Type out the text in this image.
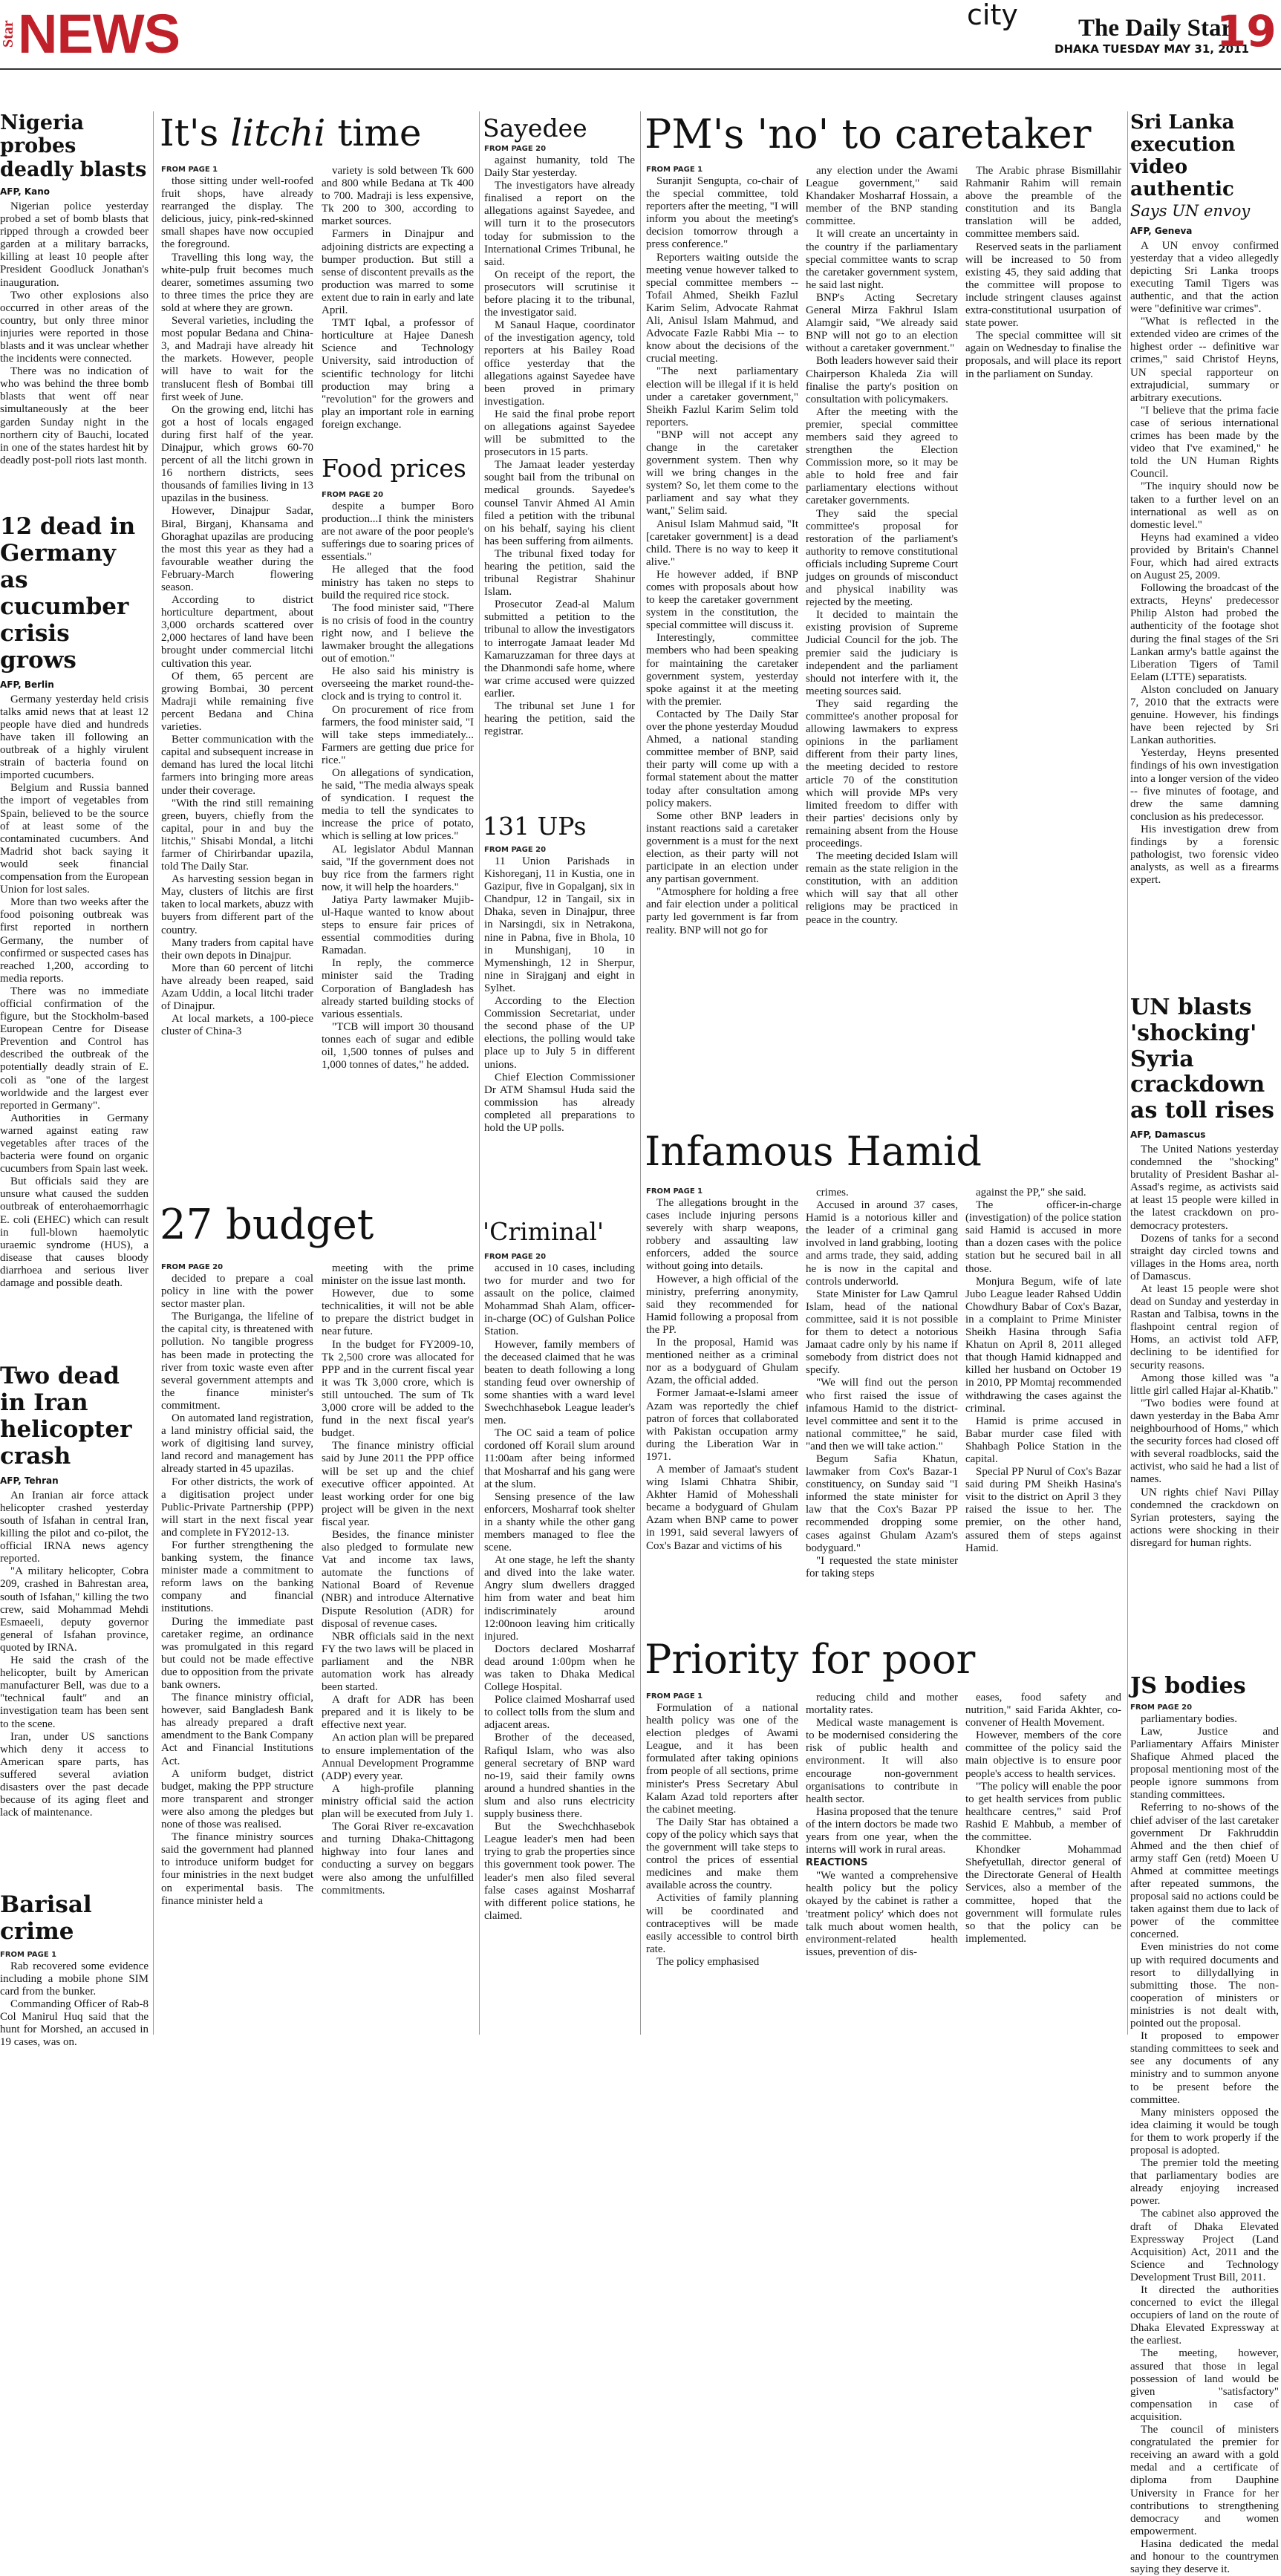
Star NEWS	city The Daily Star
DHAKA TUESDAY MAY 31, 2011
19
Nigeria probes deadly blasts
AFP, Kano

Nigerian police yesterday probed a set of bomb blasts that ripped through a crowded beer garden at a military barracks, killing at least 10 people after President Goodluck Jonathan's inauguration.

Two other explosions also occurred in other areas of the country, but only three minor injuries were reported in those blasts and it was unclear whether the incidents were connected.

There was no indication of who was behind the three bomb blasts that went off near simultaneously at the beer garden Sunday night in the northern city of Bauchi, located in one of the states hardest hit by deadly post-poll riots last month.

12 dead in Germany as cucumber crisis grows
AFP, Berlin

Germany yesterday held crisis talks amid news that at least 12 people have died and hundreds have taken ill following an outbreak of a highly virulent strain of bacteria found on imported cucumbers.

Belgium and Russia banned the import of vegetables from Spain, believed to be the source of at least some of the contaminated cucumbers. And Madrid shot back saying it would seek financial compensation from the European Union for lost sales.

More than two weeks after the food poisoning outbreak was first reported in northern Germany, the number of confirmed or suspected cases has reached 1,200, according to media reports.

There was no immediate official confirmation of the figure, but the Stockholm-based European Centre for Disease Prevention and Control has described the outbreak of the potentially deadly strain of E. coli as "one of the largest worldwide and the largest ever reported in Germany".

Authorities in Germany warned against eating raw vegetables after traces of the bacteria were found on organic cucumbers from Spain last week.

But officials said they are unsure what caused the sudden outbreak of enterohaemorrhagic E. coli (EHEC) which can result in full-blown haemolytic uraemic syndrome (HUS), a disease that causes bloody diarrhoea and serious liver damage and possible death.

Two dead in Iran helicopter crash
AFP, Tehran

An Iranian air force attack helicopter crashed yesterday south of Isfahan in central Iran, killing the pilot and co-pilot, the official IRNA news agency reported.

"A military helicopter, Cobra 209, crashed in Bahrestan area, south of Isfahan," killing the two crew, said Mohammad Mehdi Esmaeeli, deputy governor general of Isfahan province, quoted by IRNA.

He said the crash of the helicopter, built by American manufacturer Bell, was due to a "technical fault" and an investigation team has been sent to the scene.

Iran, under US sanctions which deny it access to American spare parts, has suffered several aviation disasters over the past decade because of its aging fleet and lack of maintenance.

Barisal crime
FROM PAGE 1

Rab recovered some evidence including a mobile phone SIM card from the bunker.

Commanding Officer of Rab-8 Col Manirul Huq said that the hunt for Morshed, an accused in 19 cases, was on.

It's litchi time
FROM PAGE 1

those sitting under well-roofed fruit shops, have already rearranged the display. The delicious, juicy, pink-red-skinned small shapes have now occupied the foreground.

Travelling this long way, the white-pulp fruit becomes much dearer, sometimes assuming two to three times the price they are sold at where they are grown.

Several varieties, including the most popular Bedana and China-3, and Madraji have already hit the markets. However, people will have to wait for the translucent flesh of Bombai till first week of June.

On the growing end, litchi has got a host of locals engaged during first half of the year. Dinajpur, which grows 60-70 percent of all the litchi grown in 16 northern districts, sees thousands of families living in 13 upazilas in the business.

However, Dinajpur Sadar, Biral, Birganj, Khansama and Ghoraghat upazilas are producing the most this year as they had a favourable weather during the February-March flowering season.

According to district horticulture department, about 3,000 orchards scattered over 2,000 hectares of land have been brought under commercial litchi cultivation this year.

Of them, 65 percent are growing Bombai, 30 percent Madraji while remaining five percent Bedana and China varieties.

Better communication with the capital and subsequent increase in demand has lured the local litchi farmers into bringing more areas under their coverage.

"With the rind still remaining green, buyers, chiefly from the capital, pour in and buy the litchis," Shisabi Mondal, a litchi farmer of Chirirbandar upazila, told The Daily Star.

As harvesting session began in May, clusters of litchis are first taken to local markets, abuzz with buyers from different part of the country.

Many traders from capital have their own depots in Dinajpur.

More than 60 percent of litchi have already been reaped, said Azam Uddin, a local litchi trader of Dinajpur.

At local markets, a 100-piece cluster of China-3

variety is sold between Tk 600 and 800 while Bedana at Tk 400 to 700. Madraji is less expensive, Tk 200 to 300, according to market sources.

Farmers in Dinajpur and adjoining districts are expecting a bumper production. But still a sense of discontent prevails as the production was marred to some extent due to rain in early and late April.

TMT Iqbal, a professor of horticulture at Hajee Danesh Science and Technology University, said introduction of scientific technology for litchi production may bring a "revolution" for the growers and play an important role in earning foreign exchange.

Food prices
FROM PAGE 20

despite a bumper Boro production...I think the ministers are not aware of the poor people's sufferings due to soaring prices of essentials."

He alleged that the food ministry has taken no steps to build the required rice stock.

The food minister said, "There is no crisis of food in the country right now, and I believe the lawmaker brought the allegations out of emotion."

He also said his ministry is overseeing the market round-the-clock and is trying to control it.

On procurement of rice from farmers, the food minister said, "I will take steps immediately... Farmers are getting due price for rice."

On allegations of syndication, he said, "The media always speak of syndication. I request the media to tell the syndicates to increase the price of potato, which is selling at low prices."

AL legislator Abdul Mannan said, "If the government does not buy rice from the farmers right now, it will help the hoarders."

Jatiya Party lawmaker Mujib-ul-Haque wanted to know about steps to ensure fair prices of essential commodities during Ramadan.

In reply, the commerce minister said the Trading Corporation of Bangladesh has already started building stocks of various essentials.

"TCB will import 30 thousand tonnes each of sugar and edible oil, 1,500 tonnes of pulses and 1,000 tonnes of dates," he added.

27 budget
FROM PAGE 20

decided to prepare a coal policy in line with the power sector master plan.

The Buriganga, the lifeline of the capital city, is threatened with pollution. No tangible progress has been made in protecting the river from toxic waste even after several government attempts and the finance minister's commitment.

On automated land registration, a land ministry official said, the work of digitising land survey, land record and management has already started in 45 upazilas.

For other districts, the work of a digitisation project under Public-Private Partnership (PPP) will start in the next fiscal year and complete in FY2012-13.

For further strengthening the banking system, the finance minister made a commitment to reform laws on the banking company and financial institutions.

During the immediate past caretaker regime, an ordinance was promulgated in this regard but could not be made effective due to opposition from the private bank owners.

The finance ministry official, however, said Bangladesh Bank has already prepared a draft amendment to the Bank Company Act and Financial Institutions Act.

A uniform budget, district budget, making the PPP structure more transparent and stronger were also among the pledges but none of those was realised.

The finance ministry sources said the government had planned to introduce uniform budget for four ministries in the next budget on experimental basis. The finance minister held a

meeting with the prime minister on the issue last month.

However, due to some technicalities, it will not be able to prepare the district budget in near future.

In the budget for FY2009-10, Tk 2,500 crore was allocated for PPP and in the current fiscal year it was Tk 3,000 crore, which is still untouched. The sum of Tk 3,000 crore will be added to the fund in the next fiscal year's budget.

The finance ministry official said by June 2011 the PPP office will be set up and the chief executive officer appointed. At least working order for one big project will be given in the next fiscal year.

Besides, the finance minister also pledged to formulate new Vat and income tax laws, automate the functions of National Board of Revenue (NBR) and introduce Alternative Dispute Resolution (ADR) for disposal of revenue cases.

NBR officials said in the next FY the two laws will be placed in parliament and the NBR automation work has already been started.

A draft for ADR has been prepared and it is likely to be effective next year.

An action plan will be prepared to ensure implementation of the Annual Development Programme (ADP) every year.

A high-profile planning ministry official said the action plan will be executed from July 1.

The Gorai River re-excavation and turning Dhaka-Chittagong highway into four lanes and conducting a survey on beggars were also among the unfulfilled commitments.

Sayedee
FROM PAGE 20

against humanity, told The Daily Star yesterday.

The investigators have already finalised a report on the allegations against Sayedee, and will turn it to the prosecutors today for submission to the International Crimes Tribunal, he said.

On receipt of the report, the prosecutors will scrutinise it before placing it to the tribunal, the investigator said.

M Sanaul Haque, coordinator of the investigation agency, told reporters at his Bailey Road office yesterday that the allegations against Sayedee have been proved in primary investigation.

He said the final probe report on allegations against Sayedee will be submitted to the prosecutors in 15 parts.

The Jamaat leader yesterday sought bail from the tribunal on medical grounds. Sayedee's counsel Tanvir Ahmed Al Amin filed a petition with the tribunal on his behalf, saying his client has been suffering from ailments.

The tribunal fixed today for hearing the petition, said the tribunal Registrar Shahinur Islam.

Prosecutor Zead-al Malum submitted a petition to the tribunal to allow the investigators to interrogate Jamaat leader Md Kamaruzzaman for three days at the Dhanmondi safe home, where war crime accused were quizzed earlier.

The tribunal set June 1 for hearing the petition, said the registrar.

131 UPs
FROM PAGE 20

11 Union Parishads in Kishoreganj, 11 in Kustia, one in Gazipur, five in Gopalganj, six in Chandpur, 12 in Tangail, six in Dhaka, seven in Dinajpur, three in Narsingdi, six in Netrakona, nine in Pabna, five in Bhola, 10 in Munshiganj, 10 in Mymenshingh, 12 in Sherpur, nine in Sirajganj and eight in Sylhet.

According to the Election Commission Secretariat, under the second phase of the UP elections, the polling would take place up to July 5 in different unions.

Chief Election Commissioner Dr ATM Shamsul Huda said the commission has already completed all preparations to hold the UP polls.

'Criminal'
FROM PAGE 20

accused in 10 cases, including two for murder and two for assault on the police, claimed Mohammad Shah Alam, officer-in-charge (OC) of Gulshan Police Station.

However, family members of the deceased claimed that he was beaten to death following a long standing feud over ownership of some shanties with a ward level Swechchhasebok League leader's men.

The OC said a team of police cordoned off Korail slum around 11:00am after being informed that Mosharraf and his gang were at the slum.

Sensing presence of the law enforcers, Mosharraf took shelter in a shanty while the other gang members managed to flee the scene.

At one stage, he left the shanty and dived into the lake water. Angry slum dwellers dragged him from water and beat him indiscriminately around 12:00noon leaving him critically injured.

Doctors declared Mosharraf dead around 1:00pm when he was taken to Dhaka Medical College Hospital.

Police claimed Mosharraf used to collect tolls from the slum and adjacent areas.

Brother of the deceased, Rafiqul Islam, who was also general secretary of BNP ward no-19, said their family owns around a hundred shanties in the slum and also runs electricity supply business there.

But the Swechchhasebok League leader's men had been trying to grab the properties since this government took power. The leader's men also filed several false cases against Mosharraf with different police stations, he claimed.

PM's 'no' to caretaker
FROM PAGE 1

Suranjit Sengupta, co-chair of the special committee, told reporters after the meeting, "I will inform you about the meeting's decision tomorrow through a press conference."

Reporters waiting outside the meeting venue however talked to special committee members -- Tofail Ahmed, Sheikh Fazlul Karim Selim, Advocate Rahmat Ali, Anisul Islam Mahmud, and Advocate Fazle Rabbi Mia -- to know about the decisions of the crucial meeting.

"The next parliamentary election will be illegal if it is held under a caretaker government," Sheikh Fazlul Karim Selim told reporters.

"BNP will not accept any change in the caretaker government system. Then why will we bring changes in the system? So, let them come to the parliament and say what they want," Selim said.

Anisul Islam Mahmud said, "It [caretaker government] is a dead child. There is no way to keep it alive."

He however added, if BNP comes with proposals about how to keep the caretaker government system in the constitution, the special committee will discuss it.

Interestingly, committee members who had been speaking for maintaining the caretaker government system, yesterday spoke against it at the meeting with the premier.

Contacted by The Daily Star over the phone yesterday Moudud Ahmed, a national standing committee member of BNP, said their party will come up with a formal statement about the matter today after consultation among policy makers.

Some other BNP leaders in instant reactions said a caretaker government is a must for the next election, as their party will not participate in an election under any partisan government.

"Atmosphere for holding a free and fair election under a political party led government is far from reality. BNP will not go for

any election under the Awami League government," said Khandaker Mosharraf Hossain, a member of the BNP standing committee.

It will create an uncertainty in the country if the parliamentary special committee wants to scrap the caretaker government system, he said last night.

BNP's Acting Secretary General Mirza Fakhrul Islam Alamgir said, "We already said BNP will not go to an election without a caretaker government."

Both leaders however said their Chairperson Khaleda Zia will finalise the party's position on consultation with policymakers.

After the meeting with the premier, special committee members said they agreed to strengthen the Election Commission more, so it may be able to hold free and fair parliamentary elections without caretaker governments.

They said the special committee's proposal for restoration of the parliament's authority to remove constitutional officials including Supreme Court judges on grounds of misconduct and physical inability was rejected by the meeting.

It decided to maintain the existing provision of Supreme Judicial Council for the job. The premier said the judiciary is independent and the parliament should not interfere with it, the meeting sources said.

They said regarding the committee's another proposal for allowing lawmakers to express opinions in the parliament different from their party lines, the meeting decided to restore article 70 of the constitution which will provide MPs very limited freedom to differ with their parties' decisions only by remaining absent from the House proceedings.

The meeting decided Islam will remain as the state religion in the constitution, with an addition which will say that all other religions may be practiced in peace in the country.

The Arabic phrase Bismillahir Rahmanir Rahim will remain above the preamble of the constitution and its Bangla translation will be added, committee members said.

Reserved seats in the parliament will be increased to 50 from existing 45, they said adding that the committee will propose to include stringent clauses against extra-constitutional usurpation of state power.

The special committee will sit again on Wednesday to finalise the proposals, and will place its report in the parliament on Sunday.

Infamous Hamid
FROM PAGE 1

The allegations brought in the cases include injuring persons severely with sharp weapons, robbery and assaulting law enforcers, added the source without going into details.

However, a high official of the ministry, preferring anonymity, said they recommended for Hamid following a proposal from the PP.

In the proposal, Hamid was mentioned neither as a criminal nor as a bodyguard of Ghulam Azam, the official added.

Former Jamaat-e-Islami ameer Azam was reportedly the chief patron of forces that collaborated with Pakistan occupation army during the Liberation War in 1971.

A member of Jamaat's student wing Islami Chhatra Shibir, Akhter Hamid of Mohesshali became a bodyguard of Ghulam Azam when BNP came to power in 1991, said several lawyers of Cox's Bazar and victims of his

crimes.

Accused in around 37 cases, Hamid is a notorious killer and the leader of a criminal gang involved in land grabbing, looting and arms trade, they said, adding he is now in the capital and controls underworld.

State Minister for Law Qamrul Islam, head of the national committee, said it is not possible for them to detect a notorious Jamaat cadre only by his name if somebody from district does not specify.

"We will find out the person who first raised the issue of infamous Hamid to the district-level committee and sent it to the national committee," he said, "and then we will take action."

Begum Safia Khatun, lawmaker from Cox's Bazar-1 constituency, on Sunday said "I informed the state minister for law that the Cox's Bazar PP recommended dropping some cases against Ghulam Azam's bodyguard."

"I requested the state minister for taking steps

against the PP," she said.

The officer-in-charge (investigation) of the police station said Hamid is accused in more than a dozen cases with the police station but he secured bail in all those.

Monjura Begum, wife of late Jubo League leader Rahsed Uddin Chowdhury Babar of Cox's Bazar, in a complaint to Prime Minister Sheikh Hasina through Safia Khatun on April 8, 2011 alleged that though Hamid kidnapped and killed her husband on October 19 in 2010, PP Momtaj recommended withdrawing the cases against the criminal.

Hamid is prime accused in Babar murder case filed with Shahbagh Police Station in the capital.

Special PP Nurul of Cox's Bazar said during PM Sheikh Hasina's visit to the district on April 3 they raised the issue to her. The premier, on the other hand, assured them of steps against Hamid.

Priority for poor
FROM PAGE 1

Formulation of a national health policy was one of the election pledges of Awami League, and it has been formulated after taking opinions from people of all sections, prime minister's Press Secretary Abul Kalam Azad told reporters after the cabinet meeting.

The Daily Star has obtained a copy of the policy which says that the government will take steps to control the prices of essential medicines and make them available across the country.

Activities of family planning will be coordinated and contraceptives will be made easily accessible to control birth rate.

The policy emphasised

reducing child and mother mortality rates.

Medical waste management is to be modernised considering the risk of public health and environment. It will also encourage non-government organisations to contribute in health sector.

Hasina proposed that the tenure of the intern doctors be made two years from one year, when the interns will work in rural areas.

REACTIONS

"We wanted a comprehensive health policy but the policy okayed by the cabinet is rather a 'treatment policy' which does not talk much about women health, environment-related health issues, prevention of dis-

eases, food safety and nutrition," said Farida Akhter, co-convener of Health Movement.

However, members of the core committee of the policy said the main objective is to ensure poor people's access to health services.

"The policy will enable the poor to get health services from public healthcare centres," said Prof Rashid E Mahbub, a member of the committee.

Khondker Mohammad Shefyetullah, director general of the Directorate General of Health Services, also a member of the committee, hoped that the government will formulate rules so that the policy can be implemented.

Sri Lanka execution video authentic
Says UN envoy
AFP, Geneva

A UN envoy confirmed yesterday that a video allegedly depicting Sri Lanka troops executing Tamil Tigers was authentic, and that the action were "definitive war crimes".

"What is reflected in the extended video are crimes of the highest order -- definitive war crimes," said Christof Heyns, UN special rapporteur on extrajudicial, summary or arbitrary executions.

"I believe that the prima facie case of serious international crimes has been made by the video that I've examined," he told the UN Human Rights Council.

"The inquiry should now be taken to a further level on an international as well as on domestic level."

Heyns had examined a video provided by Britain's Channel Four, which had aired extracts on August 25, 2009.

Following the broadcast of the extracts, Heyns' predecessor Philip Alston had probed the authenticity of the footage shot during the final stages of the Sri Lankan army's battle against the Liberation Tigers of Tamil Eelam (LTTE) separatists.

Alston concluded on January 7, 2010 that the extracts were genuine. However, his findings have been rejected by Sri Lankan authorities.

Yesterday, Heyns presented findings of his own investigation into a longer version of the video -- five minutes of footage, and drew the same damning conclusion as his predecessor.

His investigation drew from findings by a forensic pathologist, two forensic video analysts, as well as a firearms expert.

UN blasts 'shocking' Syria crackdown as toll rises
AFP, Damascus

The United Nations yesterday condemned the "shocking" brutality of President Bashar al-Assad's regime, as activists said at least 15 people were killed in the latest crackdown on pro-democracy protesters.

Dozens of tanks for a second straight day circled towns and villages in the Homs area, north of Damascus.

At least 15 people were shot dead on Sunday and yesterday in Rastan and Talbisa, towns in the flashpoint central region of Homs, an activist told AFP, declining to be identified for security reasons.

Among those killed was "a little girl called Hajar al-Khatib."

"Two bodies were found at dawn yesterday in the Baba Amr neighbourhood of Homs," which the security forces had closed off with several roadblocks, said the activist, who said he had a list of names.

UN rights chief Navi Pillay condemned the crackdown on Syrian protesters, saying the actions were shocking in their disregard for human rights.

JS bodies
FROM PAGE 20

parliamentary bodies.

Law, Justice and Parliamentary Affairs Minister Shafique Ahmed placed the proposal mentioning most of the people ignore summons from standing committees.

Referring to no-shows of the chief adviser of the last caretaker government Dr Fakhruddin Ahmed and the then chief of army staff Gen (retd) Moeen U Ahmed at committee meetings after repeated summons, the proposal said no actions could be taken against them due to lack of power of the committee concerned.

Even ministries do not come up with required documents and resort to dillydallying in submitting those. The non-cooperation of ministers or ministries is not dealt with, pointed out the proposal.

It proposed to empower standing committees to seek and see any documents of any ministry and to summon anyone to be present before the committee.

Many ministers opposed the idea claiming it would be tough for them to work properly if the proposal is adopted.

The premier told the meeting that parliamentary bodies are already enjoying increased power.

The cabinet also approved the draft of Dhaka Elevated Expressway Project (Land Acquisition) Act, 2011 and the Science and Technology Development Trust Bill, 2011.

It directed the authorities concerned to evict the illegal occupiers of land on the route of Dhaka Elevated Expressway at the earliest.

The meeting, however, assured that those in legal possession of land would be given "satisfactory" compensation in case of acquisition.

The council of ministers congratulated the premier for receiving an award with a gold medal and a certificate of diploma from Dauphine University in France for her contributions to strengthening democracy and women empowerment.

Hasina dedicated the medal and honour to the countrymen saying they deserve it.
